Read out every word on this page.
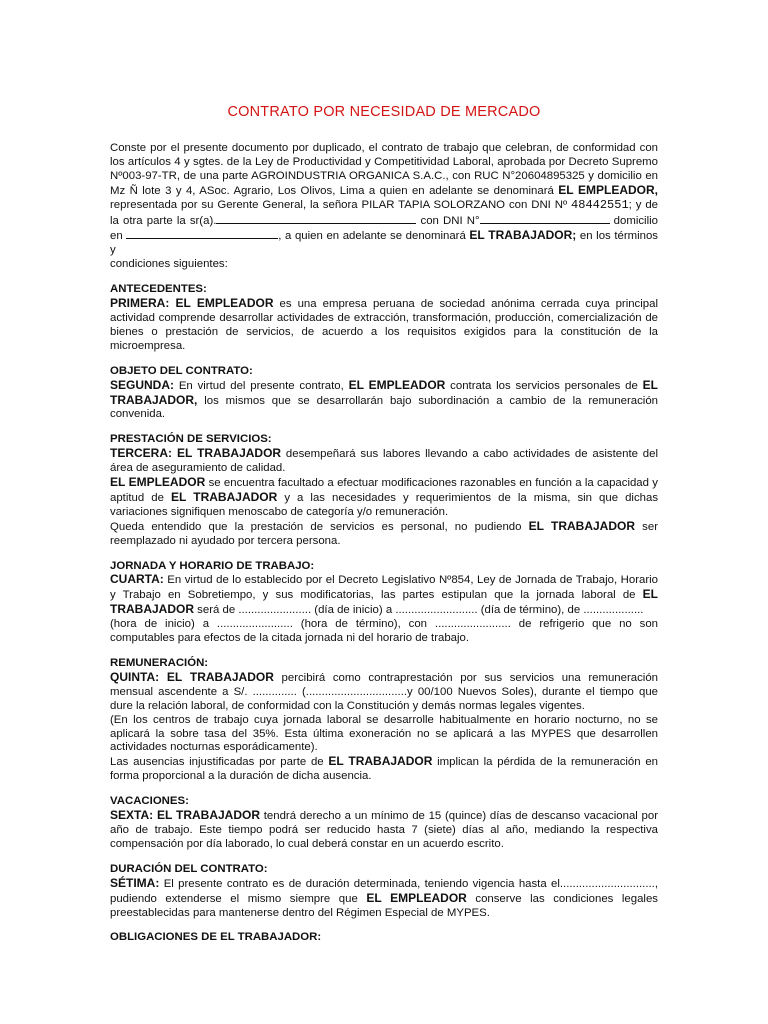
CONTRATO POR NECESIDAD DE MERCADO

Conste por el presente documento por duplicado, el contrato de trabajo que celebran, de conformidad con los artículos 4 y sgtes. de la Ley de Productividad y Competitividad Laboral, aprobada por Decreto Supremo Nº003-97-TR, de una parte AGROINDUSTRIA ORGANICA S.A.C., con RUC N°20604895325 y domicilio en Mz Ñ lote 3 y 4, ASoc. Agrario, Los Olivos, Lima a quien en adelante se denominará EL EMPLEADOR, representada por su Gerente General, la señora PILAR TAPIA SOLORZANO con DNI Nº 48442551; y de la otra parte la sr(a).	con DNI N°	domicilio en	, a quien en adelante se denominará EL TRABAJADOR; en los términos y
condiciones siguientes:

ANTECEDENTES:

PRIMERA: EL EMPLEADOR es una empresa peruana de sociedad anónima cerrada cuya principal actividad comprende desarrollar actividades de extracción, transformación, producción, comercialización de bienes o prestación de servicios, de acuerdo a los requisitos exigidos para la constitución de la microempresa.

OBJETO DEL CONTRATO:

SEGUNDA: En virtud del presente contrato, EL EMPLEADOR contrata los servicios personales de EL TRABAJADOR, los mismos que se desarrollarán bajo subordinación a cambio de la remuneración convenida.

PRESTACIÓN DE SERVICIOS:

TERCERA: EL TRABAJADOR desempeñará sus labores llevando a cabo actividades de asistente del área de aseguramiento de calidad.
EL EMPLEADOR se encuentra facultado a efectuar modificaciones razonables en función a la capacidad y aptitud de EL TRABAJADOR y a las necesidades y requerimientos de la misma, sin que dichas variaciones signifiquen menoscabo de categoría y/o remuneración.
Queda entendido que la prestación de servicios es personal, no pudiendo EL TRABAJADOR ser reemplazado ni ayudado por tercera persona.

JORNADA Y HORARIO DE TRABAJO:

CUARTA: En virtud de lo establecido por el Decreto Legislativo Nº854, Ley de Jornada de Trabajo, Horario y Trabajo en Sobretiempo, y sus modificatorias, las partes estipulan que la jornada laboral de EL TRABAJADOR será de ....................... (día de inicio) a .......................... (día de término), de ...................
(hora de inicio) a ........................ (hora de término), con ........................ de refrigerio que no son computables para efectos de la citada jornada ni del horario de trabajo.

REMUNERACIÓN:

QUINTA: EL TRABAJADOR percibirá como contraprestación por sus servicios una remuneración mensual ascendente a S/. .............. (................................y 00/100 Nuevos Soles), durante el tiempo que dure la relación laboral, de conformidad con la Constitución y demás normas legales vigentes.
(En los centros de trabajo cuya jornada laboral se desarrolle habitualmente en horario nocturno, no se aplicará la sobre tasa del 35%. Esta última exoneración no se aplicará a las MYPES que desarrollen actividades nocturnas esporádicamente).
Las ausencias injustificadas por parte de EL TRABAJADOR implican la pérdida de la remuneración en forma proporcional a la duración de dicha ausencia.

VACACIONES:

SEXTA: EL TRABAJADOR tendrá derecho a un mínimo de 15 (quince) días de descanso vacacional por año de trabajo. Este tiempo podrá ser reducido hasta 7 (siete) días al año, mediando la respectiva compensación por día laborado, lo cual deberá constar en un acuerdo escrito.

DURACIÓN DEL CONTRATO:

SÉTIMA: El presente contrato es de duración determinada, teniendo vigencia hasta el.............................., pudiendo extenderse el mismo siempre que EL EMPLEADOR conserve las condiciones legales preestablecidas para mantenerse dentro del Régimen Especial de MYPES.

OBLIGACIONES DE EL TRABAJADOR:
